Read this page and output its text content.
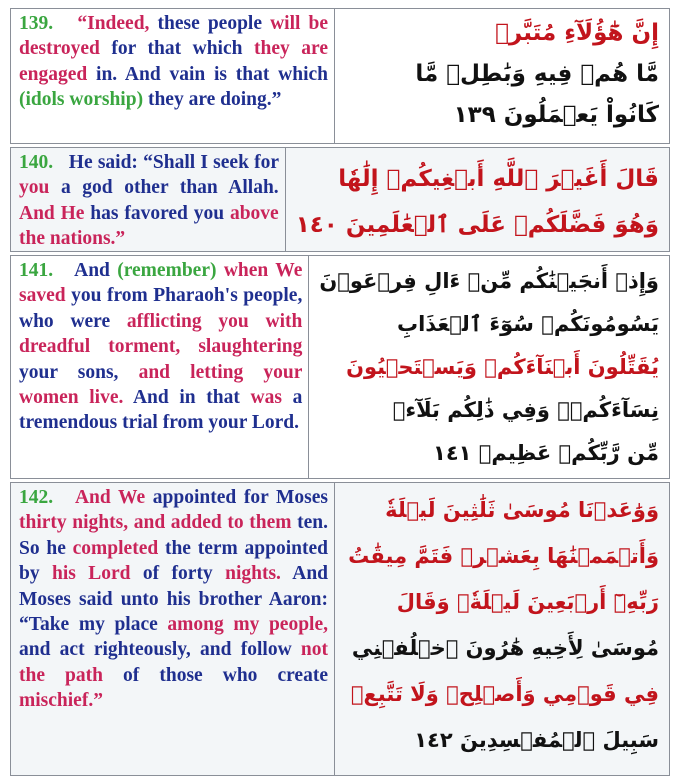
139. “Indeed, these people will be destroyed for that which they are engaged in. And vain is that which (idols worship) they are doing.”
إِنَّ هَٰٓؤُلَآءِ مُتَبَّرٞ
مَّا هُمۡ فِيهِ وَبَٰطِلٞ مَّا
كَانُواْ يَعۡمَلُونَ ١٣٩
140. He said: “Shall I seek for you a god other than Allah. And He has favored you above the nations.”
قَالَ أَغَيۡرَ ٱللَّهِ أَبۡغِيكُمۡ إِلَٰهٗا
وَهُوَ فَضَّلَكُمۡ عَلَى ٱلۡعَٰلَمِينَ ١٤٠
141. And (remember) when We saved you from Pharaoh's people, who were afflicting you with dreadful torment, slaughtering your sons, and letting your women live. And in that was a tremendous trial from your Lord.
وَإِذۡ أَنجَيۡنَٰكُم مِّنۡ ءَالِ فِرۡعَوۡنَ
يَسُومُونَكُمۡ سُوٓءَ ٱلۡعَذَابِ
يُقَتِّلُونَ أَبۡنَآءَكُمۡ وَيَسۡتَحۡيُونَ
نِسَآءَكُمۡۚ وَفِي ذَٰلِكُم بَلَآءٞ
مِّن رَّبِّكُمۡ عَظِيمٞ ١٤١
142. And We appointed for Moses thirty nights, and added to them ten. So he completed the term appointed by his Lord of forty nights. And Moses said unto his brother Aaron: “Take my place among my people, and act righteously, and follow not the path of those who create mischief.”
وَوَٰعَدۡنَا مُوسَىٰ ثَلَٰثِينَ لَيۡلَةٗ
وَأَتۡمَمۡنَٰهَا بِعَشۡرٖ فَتَمَّ مِيقَٰتُ
رَبِّهِۦٓ أَرۡبَعِينَ لَيۡلَةٗۚ وَقَالَ
مُوسَىٰ لِأَخِيهِ هَٰرُونَ ٱخۡلُفۡنِي
فِي قَوۡمِي وَأَصۡلِحۡ وَلَا تَتَّبِعۡ
سَبِيلَ ٱلۡمُفۡسِدِينَ ١٤٢
